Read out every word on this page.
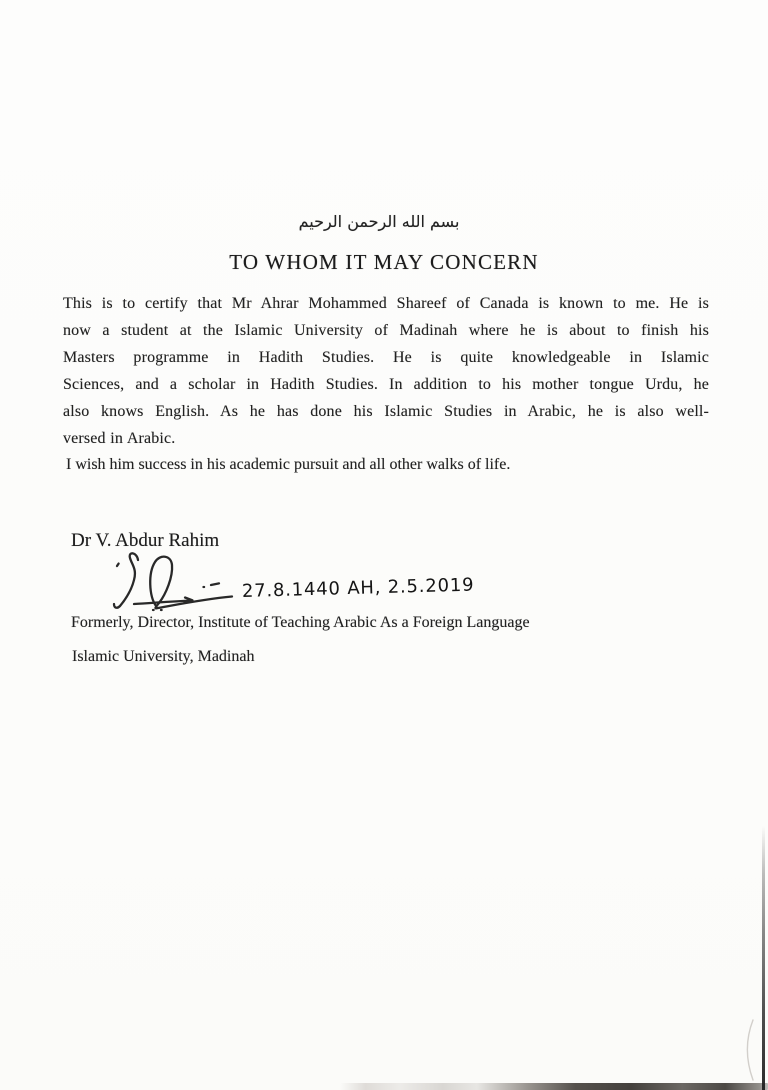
بسم الله الرحمن الرحيم
TO WHOM IT MAY CONCERN
This is to certify that Mr Ahrar Mohammed Shareef of Canada is known to me. He is
now a student at the Islamic University of Madinah where he is about to finish his
Masters programme in Hadith Studies. He is quite knowledgeable in Islamic
Sciences, and a scholar in Hadith Studies. In addition to his mother tongue Urdu, he
also knows English. As he has done his Islamic Studies in Arabic, he is also well-
versed in Arabic.
I wish him success in his academic pursuit and all other walks of life.
Dr V. Abdur Rahim
27.8.1440 AH, 2.5.2019
Formerly, Director, Institute of Teaching Arabic As a Foreign Language
Islamic University, Madinah
